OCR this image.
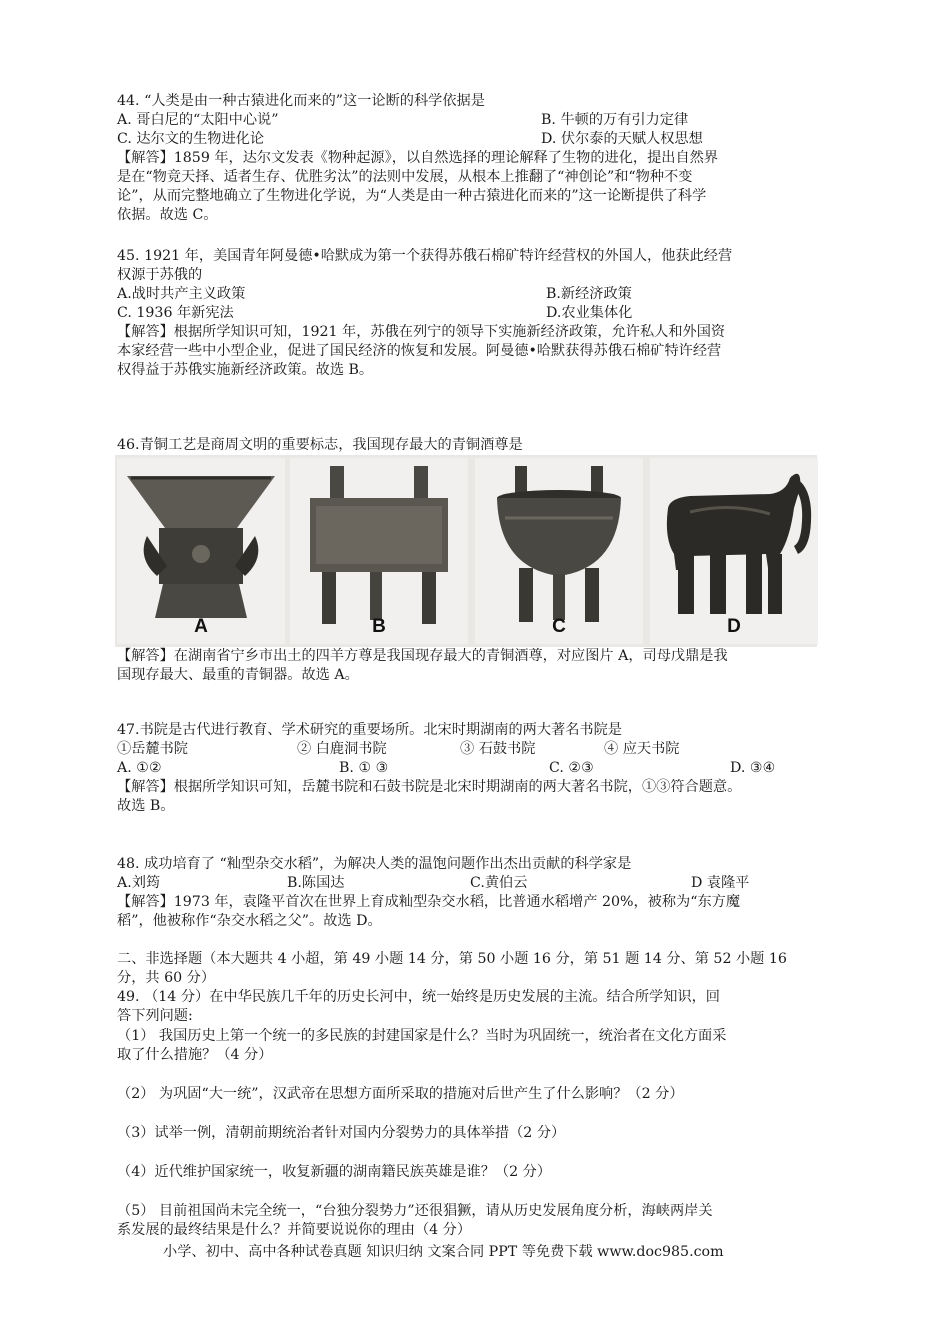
44. “人类是由一种古猿进化而来的”这一论断的科学依据是
A. 哥白尼的“太阳中心说”	B. 牛顿的万有引力定律
C. 达尔文的生物进化论	D. 伏尔泰的天赋人权思想
【解答】1859 年，达尔文发表《物种起源》，以自然选择的理论解释了生物的进化，提出自然界
是在“物竞天择、适者生存、优胜劣汰”的法则中发展，从根本上推翻了“神创论”和“物种不变
论”，从而完整地确立了生物进化学说，为“人类是由一种古猿进化而来的”这一论断提供了科学
依据。故选 C。
45. 1921 年，美国青年阿曼德•哈默成为第一个获得苏俄石棉矿特许经营权的外国人，他获此经营
权源于苏俄的
A.战时共产主义政策	B.新经济政策
C. 1936 年新宪法	D.农业集体化
【解答】根据所学知识可知，1921 年，苏俄在列宁的领导下实施新经济政策，允许私人和外国资
本家经营一些中小型企业，促进了国民经济的恢复和发展。阿曼德•哈默获得苏俄石棉矿特许经营
权得益于苏俄实施新经济政策。故选 B。
46.青铜工艺是商周文明的重要标志，我国现存最大的青铜酒尊是
A	B	C	D
【解答】在湖南省宁乡市出土的四羊方尊是我国现存最大的青铜酒尊，对应图片 A，司母戊鼎是我
国现存最大、最重的青铜器。故选 A。
47.书院是古代进行教育、学术研究的重要场所。北宋时期湖南的两大著名书院是
①岳麓书院	② 白鹿洞书院	③ 石鼓书院	④ 应天书院
A. ①②	B. ① ③	C. ②③	D. ③④
【解答】根据所学知识可知，岳麓书院和石鼓书院是北宋时期湖南的两大著名书院，①③符合题意。
故选 B。
48. 成功培育了 “籼型杂交水稻”，为解决人类的温饱问题作出杰出贡献的科学家是
A.刘筠	B.陈国达	C.黄伯云	D 袁隆平
【解答】1973 年，袁隆平首次在世界上育成籼型杂交水稻，比普通水稻增产 20%，被称为“东方魔
稻”，他被称作“杂交水稻之父”。故选 D。
二、非选择题（本大题共 4 小超，第 49 小题 14 分，第 50 小题 16 分，第 51 题 14 分、第 52 小题 16
分，共 60 分）
49. （14 分）在中华民族几千年的历史长河中，统一始终是历史发展的主流。结合所学知识，回
答下列问题:
（1） 我国历史上第一个统一的多民族的封建国家是什么？当时为巩固统一，统治者在文化方面采
取了什么措施？（4 分）
（2） 为巩固“大一统”，汉武帝在思想方面所采取的措施对后世产生了什么影响？（2 分）
（3）试举一例，清朝前期统治者针对国内分裂势力的具体举措（2 分）
（4）近代维护国家统一，收复新疆的湖南籍民族英雄是谁？（2 分）
（5） 目前祖国尚未完全统一，“台独分裂势力”还很猖獗，请从历史发展角度分析，海峡两岸关
系发展的最终结果是什么？并简要说说你的理由（4 分）
小学、初中、高中各种试卷真题 知识归纳 文案合同 PPT 等免费下载 www.doc985.com
